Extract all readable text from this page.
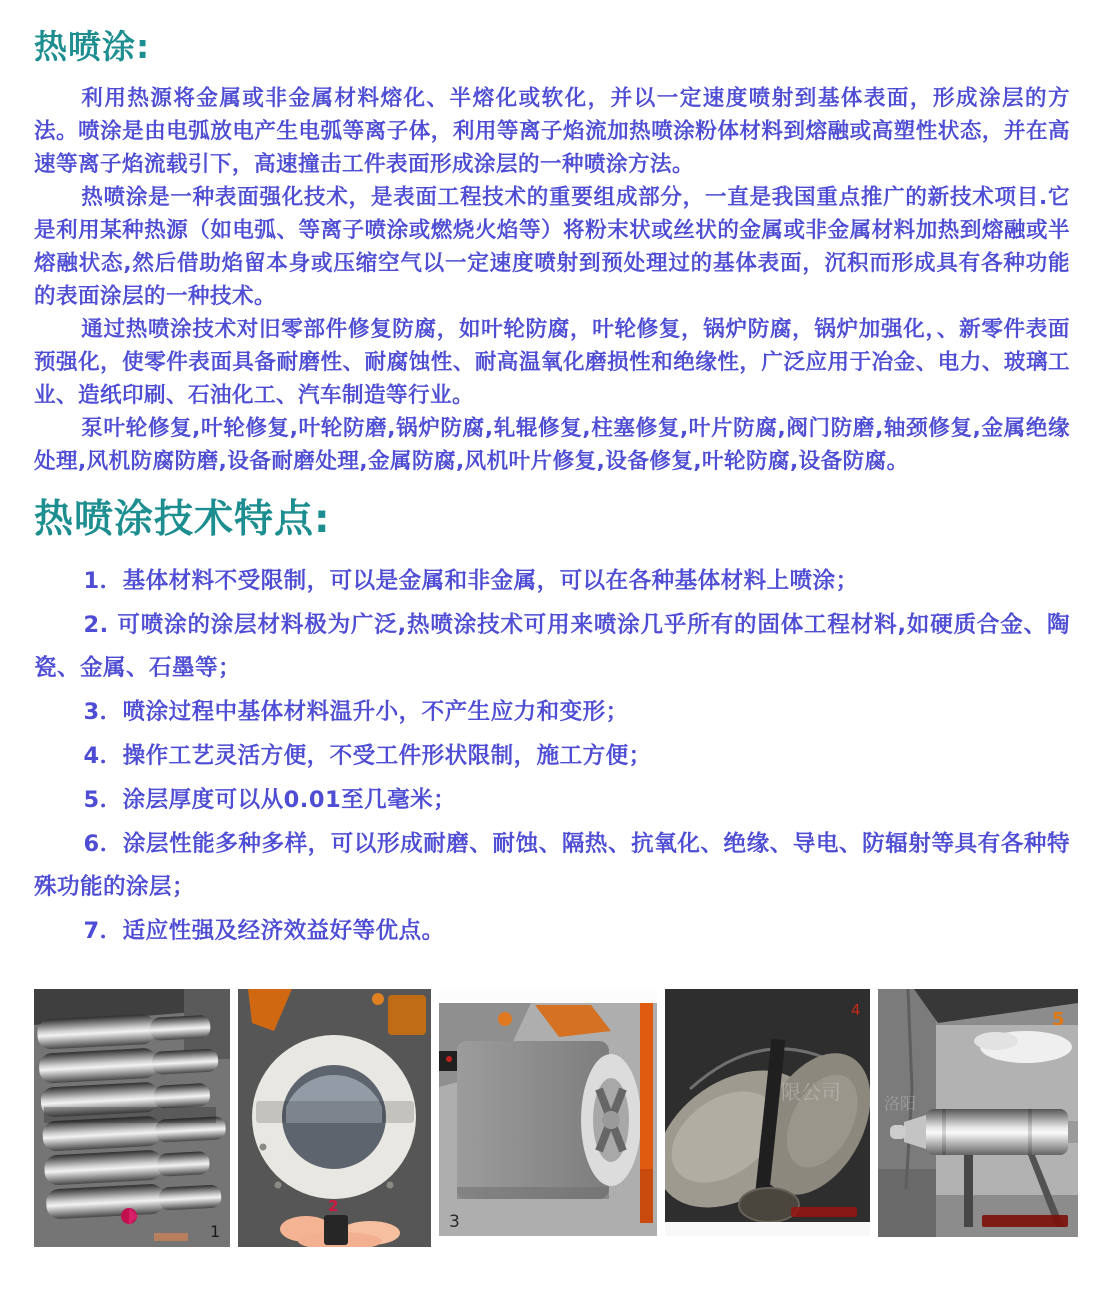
热喷涂:

利用热源将金属或非金属材料熔化、半熔化或软化，并以一定速度喷射到基体表面，形成涂层的方法。喷涂是由电弧放电产生电弧等离子体，利用等离子焰流加热喷涂粉体材料到熔融或高塑性状态，并在高速等离子焰流载引下，高速撞击工件表面形成涂层的一种喷涂方法。

热喷涂是一种表面强化技术，是表面工程技术的重要组成部分，一直是我国重点推广的新技术项目.它是利用某种热源（如电弧、等离子喷涂或燃烧火焰等）将粉末状或丝状的金属或非金属材料加热到熔融或半熔融状态,然后借助焰留本身或压缩空气以一定速度喷射到预处理过的基体表面，沉积而形成具有各种功能的表面涂层的一种技术。

通过热喷涂技术对旧零部件修复防腐，如叶轮防腐，叶轮修复，锅炉防腐，锅炉加强化，、新零件表面预强化，使零件表面具备耐磨性、耐腐蚀性、耐高温氧化磨损性和绝缘性，广泛应用于冶金、电力、玻璃工业、造纸印刷、石油化工、汽车制造等行业。

泵叶轮修复,叶轮修复,叶轮防磨,锅炉防腐,轧辊修复,柱塞修复,叶片防腐,阀门防磨,轴颈修复,金属绝缘处理,风机防腐防磨,设备耐磨处理,金属防腐,风机叶片修复,设备修复,叶轮防腐,设备防腐。

热喷涂技术特点:
1．基体材料不受限制，可以是金属和非金属，可以在各种基体材料上喷涂；
2. 可喷涂的涂层材料极为广泛,热喷涂技术可用来喷涂几乎所有的固体工程材料,如硬质合金、陶瓷、金属、石墨等；
3．喷涂过程中基体材料温升小，不产生应力和变形；
4．操作工艺灵活方便，不受工件形状限制，施工方便；
5．涂层厚度可以从0.01至几毫米；
6．涂层性能多种多样，可以形成耐磨、耐蚀、隔热、抗氧化、绝缘、导电、防辐射等具有各种特殊功能的涂层；
7．适应性强及经济效益好等优点。
1
2
3
限公司
4
洛阳
5
